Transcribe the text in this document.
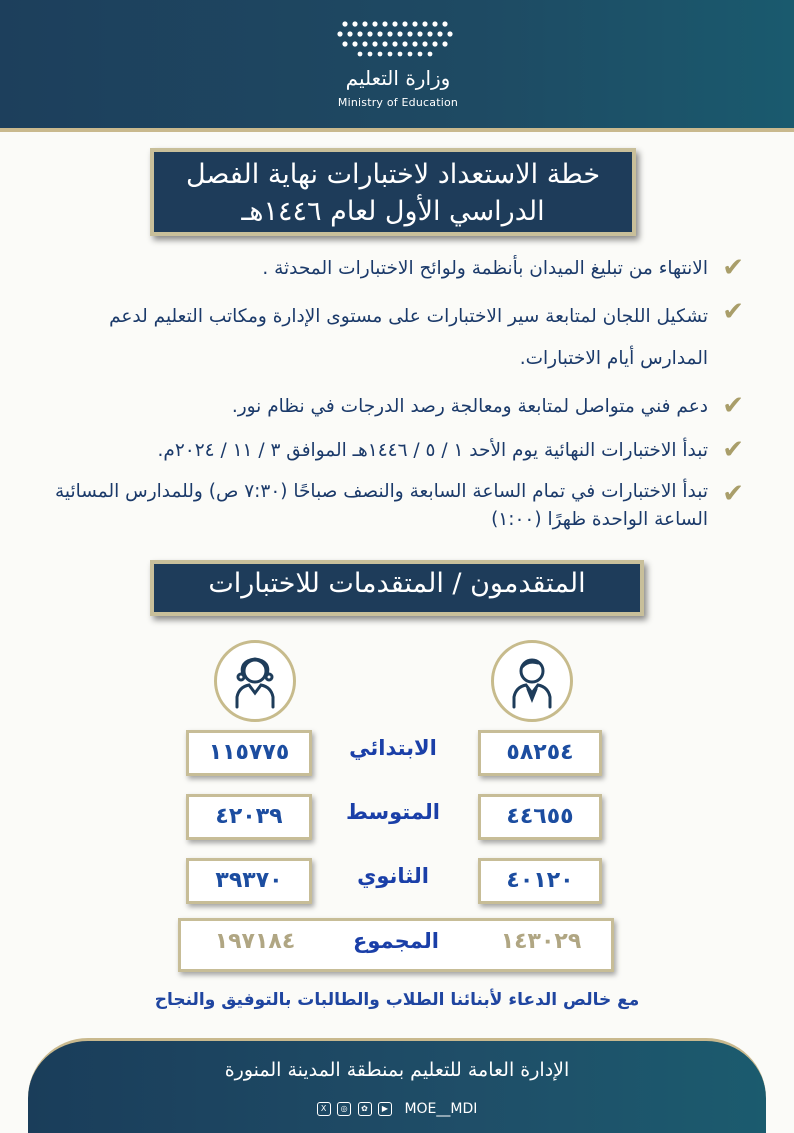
وزارة التعليم
Ministry of Education
خطة الاستعداد لاختبارات نهاية الفصل الدراسي الأول لعام ١٤٤٦هـ
✔
الانتهاء من تبليغ الميدان بأنظمة ولوائح الاختبارات المحدثة .
✔
تشكيل اللجان لمتابعة سير الاختبارات على مستوى الإدارة ومكاتب التعليم لدعم المدارس أيام الاختبارات.
✔
دعم فني متواصل لمتابعة ومعالجة رصد الدرجات في نظام نور.
✔
تبدأ الاختبارات النهائية يوم الأحد ١ / ٥ / ١٤٤٦هـ الموافق ٣ / ١١ / ٢٠٢٤م.
✔
تبدأ الاختبارات في تمام الساعة السابعة والنصف صباحًا (٧:٣٠ ص) وللمدارس المسائية الساعة الواحدة ظهرًا (١:٠٠)
المتقدمون / المتقدمات للاختبارات
٥٨٢٥٤
الابتدائي
١١٥٧٧٥
٤٤٦٥٥
المتوسط
٤٢٠٣٩
٤٠١٢٠
الثانوي
٣٩٣٧٠
١٤٣٠٢٩
المجموع
١٩٧١٨٤
مع خالص الدعاء لأبنائنا الطلاب والطالبات بالتوفيق والنجاح
الإدارة العامة للتعليم بمنطقة المدينة المنورة
X ◎ ✿ ▶ MOE__MDI
